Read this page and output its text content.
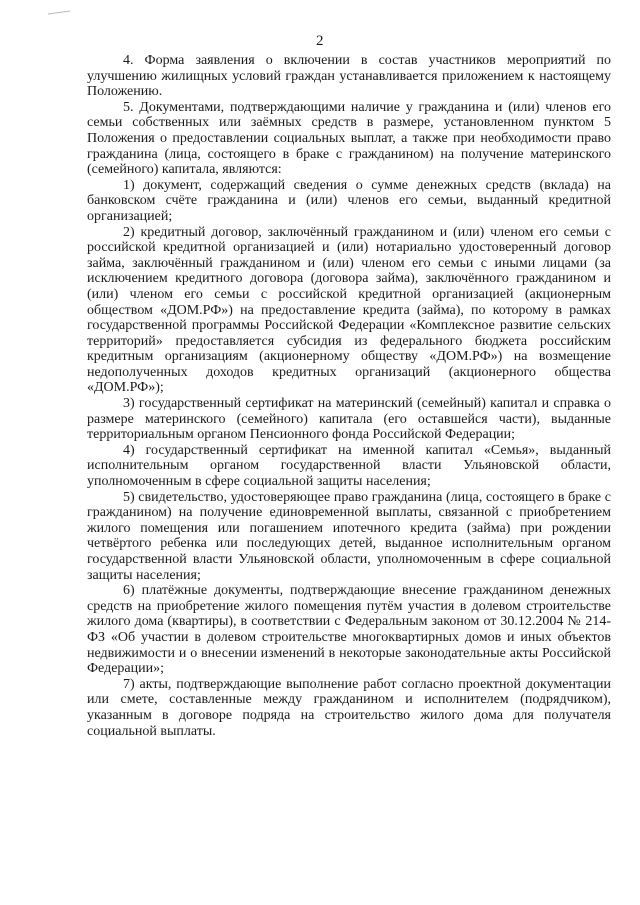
2

4. Форма заявления о включении в состав участников мероприятий по улучшению жилищных условий граждан устанавливается приложением к настоящему Положению.

5. Документами, подтверждающими наличие у гражданина и (или) членов его семьи собственных или заёмных средств в размере, установленном пунктом 5 Положения о предоставлении социальных выплат, а также при необходимости право гражданина (лица, состоящего в браке с гражданином) на получение материнского (семейного) капитала, являются:

1) документ, содержащий сведения о сумме денежных средств (вклада) на банковском счёте гражданина и (или) членов его семьи, выданный кредитной организацией;

2) кредитный договор, заключённый гражданином и (или) членом его семьи с российской кредитной организацией и (или) нотариально удостоверенный договор займа, заключённый гражданином и (или) членом его семьи с иными лицами (за исключением кредитного договора (договора займа), заключённого гражданином и (или) членом его семьи с российской кредитной организацией (акционерным обществом «ДОМ.РФ») на предоставление кредита (займа), по которому в рамках государственной программы Российской Федерации «Комплексное развитие сельских территорий» предоставляется субсидия из федерального бюджета российским кредитным организациям (акционерному обществу «ДОМ.РФ») на возмещение недополученных доходов кредитных организаций (акционерного общества «ДОМ.РФ»);

3) государственный сертификат на материнский (семейный) капитал и справка о размере материнского (семейного) капитала (его оставшейся части), выданные территориальным органом Пенсионного фонда Российской Федерации;

4) государственный сертификат на именной капитал «Семья», выданный исполнительным органом государственной власти Ульяновской области, уполномоченным в сфере социальной защиты населения;

5) свидетельство, удостоверяющее право гражданина (лица, состоящего в браке с гражданином) на получение единовременной выплаты, связанной с приобретением жилого помещения или погашением ипотечного кредита (займа) при рождении четвёртого ребенка или последующих детей, выданное исполнительным органом государственной власти Ульяновской области, уполномоченным в сфере социальной защиты населения;

6) платёжные документы, подтверждающие внесение гражданином денежных средств на приобретение жилого помещения путём участия в долевом строительстве жилого дома (квартиры), в соответствии с Федеральным законом от 30.12.2004 № 214-ФЗ «Об участии в долевом строительстве многоквартирных домов и иных объектов недвижимости и о внесении изменений в некоторые законодательные акты Российской Федерации»;

7) акты, подтверждающие выполнение работ согласно проектной документации или смете, составленные между гражданином и исполнителем (подрядчиком), указанным в договоре подряда на строительство жилого дома для получателя социальной выплаты.
